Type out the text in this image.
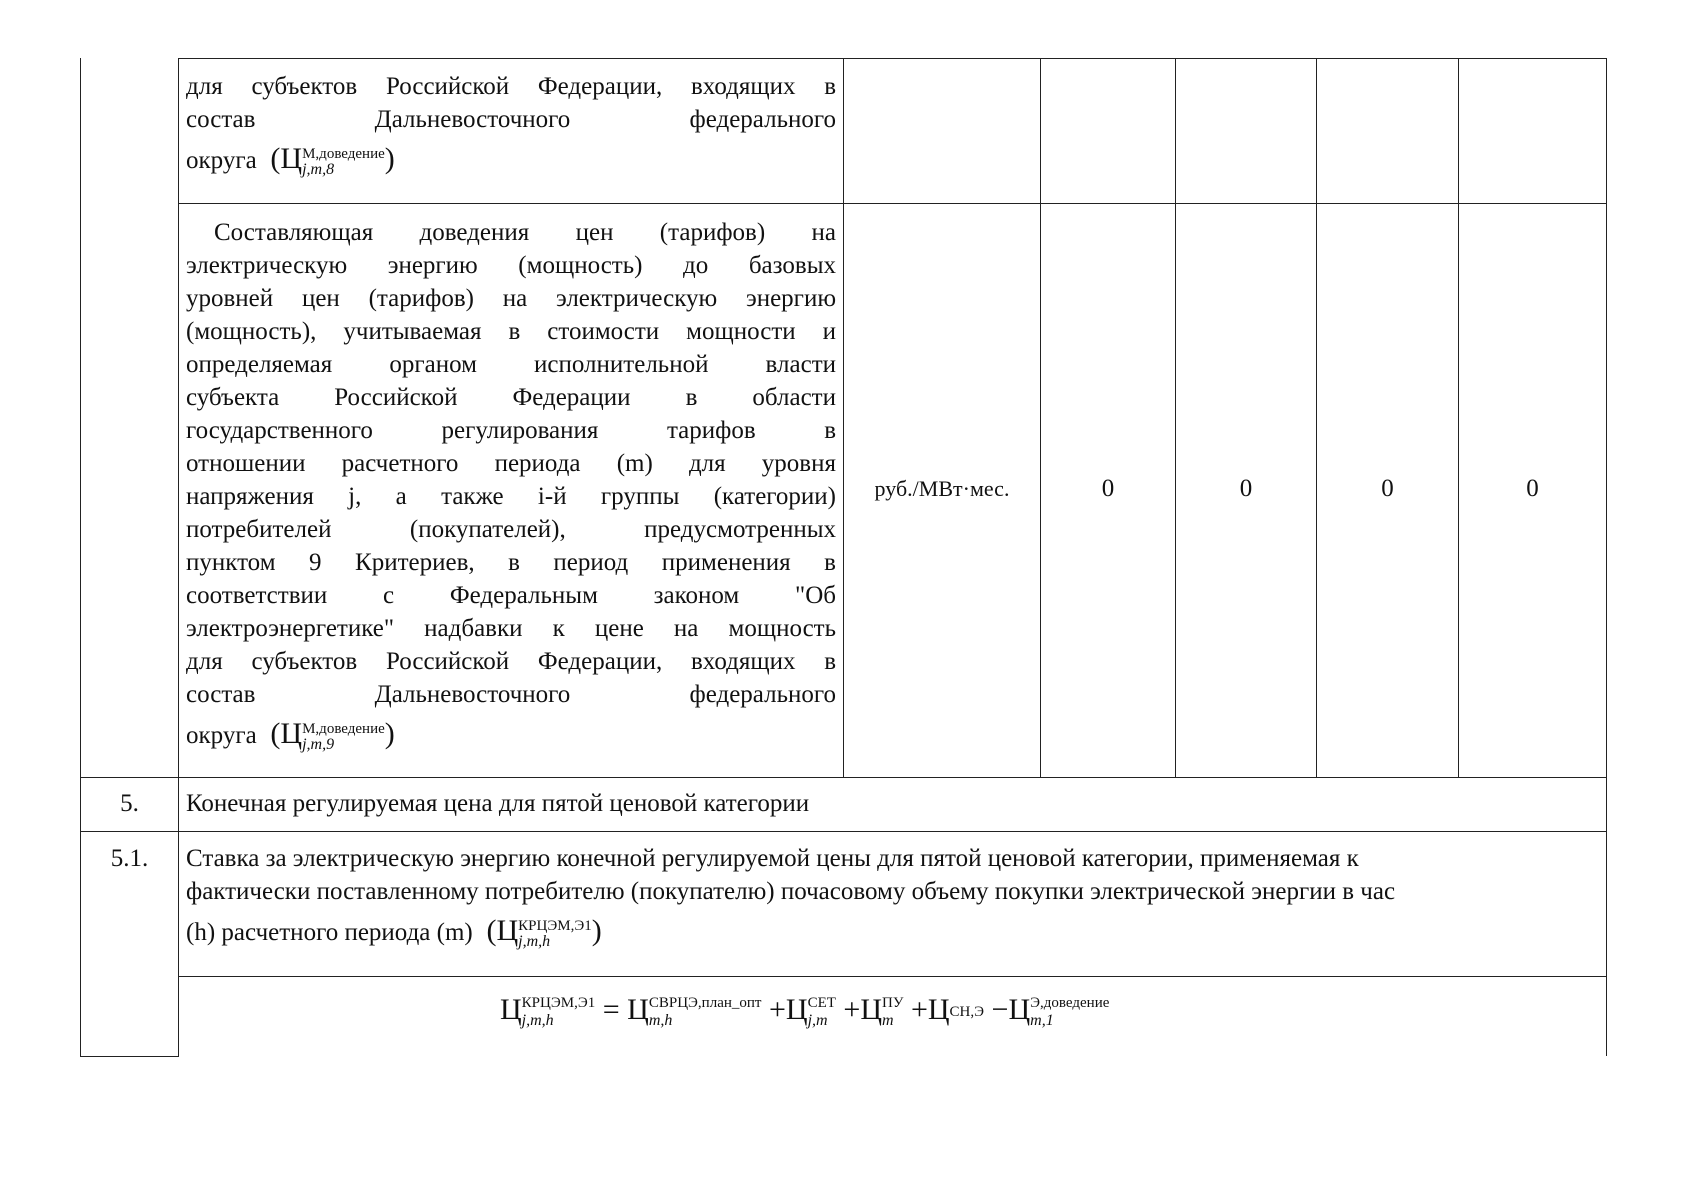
для субъектов Российской Федерации, входящих в
состав Дальневосточного федерального
округа  (Ц М,доведение
j,m,8	)
Составляющая доведения цен (тарифов) на
электрическую энергию (мощность) до базовых
уровней цен (тарифов) на электрическую энергию
(мощность), учитываемая в стоимости мощности и
определяемая органом исполнительной власти
субъекта Российской Федерации в области
государственного регулирования тарифов в
отношении расчетного периода (m) для уровня
напряжения j, а также i-й группы (категории)
потребителей (покупателей), предусмотренных
пунктом 9 Критериев, в период применения в
соответствии с Федеральным законом "Об
электроэнергетике" надбавки к цене на мощность
для субъектов Российской Федерации, входящих в
состав Дальневосточного федерального
округа  (Ц М,доведение
j,m,9	)
руб./МВт·мес.	0	0	0	0
5.	Конечная регулируемая цена для пятой ценовой категории
5.1.	Ставка за электрическую энергию конечной регулируемой цены для пятой ценовой категории, применяемая к
фактически поставленному потребителю (покупателю) почасовому объему покупки электрической энергии в час
(h) расчетного периода (m)  (Ц КРЦЭМ,Э1
j,m,h	)
Ц КРЦЭМ,Э1
j,m,h	= Ц СВРЦЭ,план_опт
m,h	+Ц СЕТ
j,m +Ц ПУ
m +Ц СН,Э −Ц Э,доведение
m,1
